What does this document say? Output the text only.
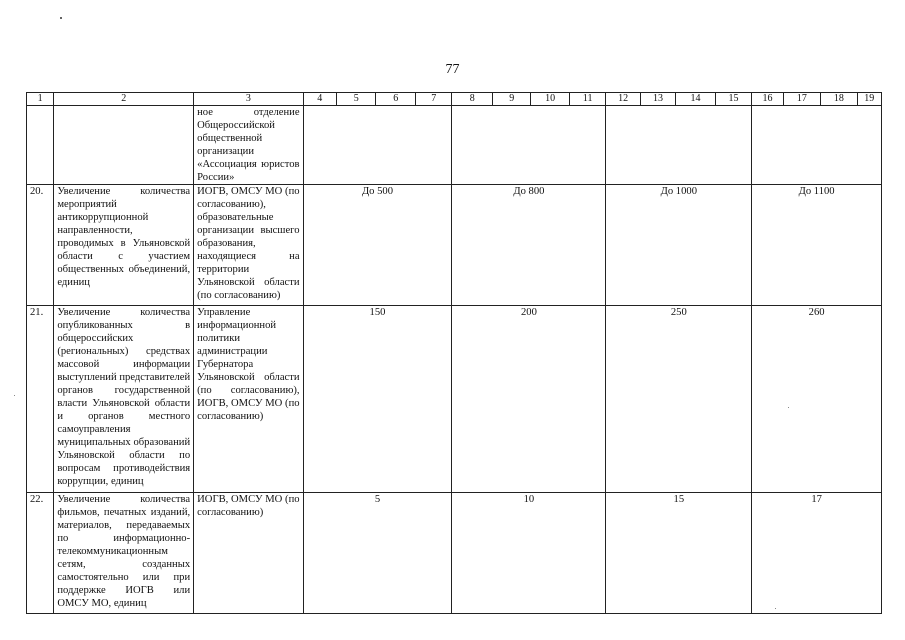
77
1	2	3	4	5	6	7	8	9	10	11	12	13	14	15	16	17	18	19
		ное отделение Общероссийской общественной организации «Ассоциация юристов России»																
20.	Увеличение количества мероприятий антикоррупционной направленности, проводимых в Ульяновской области с участием общественных объединений, единиц	ИОГВ, ОМСУ МО (по согласованию), образовательные организации высшего образования, находящиеся на территории Ульяновской области (по согласованию)	До 500				До 800				До 1000				До 1100			
21.	Увеличение количества опубликованных в общероссийских (региональных) средствах массовой информации выступлений представителей органов государственной власти Ульяновской области и органов местного самоуправления муниципальных образований Ульяновской области по вопросам противодействия коррупции, единиц	Управление информационной политики администрации Губернатора Ульяновской области (по согласованию), ИОГВ, ОМСУ МО (по согласованию)	150				200				250				260			
22.	Увеличение количества фильмов, печатных изданий, материалов, передаваемых по информационно-телекоммуникационным сетям, созданных самостоятельно или при поддержке ИОГВ или ОМСУ МО, единиц	ИОГВ, ОМСУ МО (по согласованию)	5				10				15				17			
